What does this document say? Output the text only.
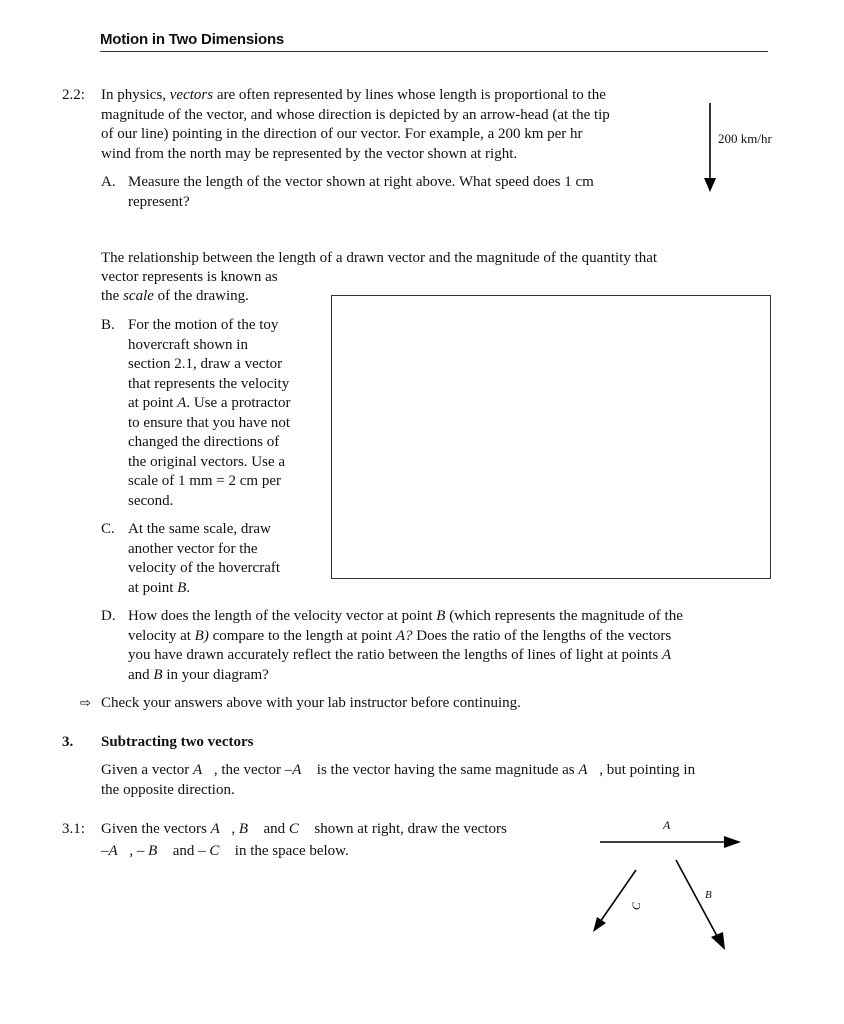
Motion in Two Dimensions
2.2: In physics, vectors are often represented by lines whose length is proportional to the
magnitude of the vector, and whose direction is depicted by an arrow-head (at the tip
of our line) pointing in the direction of our vector. For example, a 200 km per hr
wind from the north may be represented by the vector shown at right.
200 km/hr
A. Measure the length of the vector shown at right above. What speed does 1 cm
represent?
The relationship between the length of a drawn vector and the magnitude of the quantity that
vector represents is known as
the scale of the drawing.
B. For the motion of the toy
hovercraft shown in
section 2.1, draw a vector
that represents the velocity
at point A. Use a protractor
to ensure that you have not
changed the directions of
the original vectors. Use a
scale of 1 mm = 2 cm per
second.
C. At the same scale, draw
another vector for the
velocity of the hovercraft
at point B.
D. How does the length of the velocity vector at point B (which represents the magnitude of the
velocity at B) compare to the length at point A? Does the ratio of the lengths of the vectors
you have drawn accurately reflect the ratio between the lengths of lines of light at points A
and B in your diagram?
⇨ Check your answers above with your lab instructor before continuing.
3. Subtracting two vectors
Given a vector A⃗, the vector –A⃗ is the vector having the same magnitude as A⃗, but pointing in
the opposite direction.
3.1: Given the vectors A⃗, B⃗ and C⃗ shown at right, draw the vectors
–A⃗, – B⃗ and – C⃗ in the space below.
A
C	B
